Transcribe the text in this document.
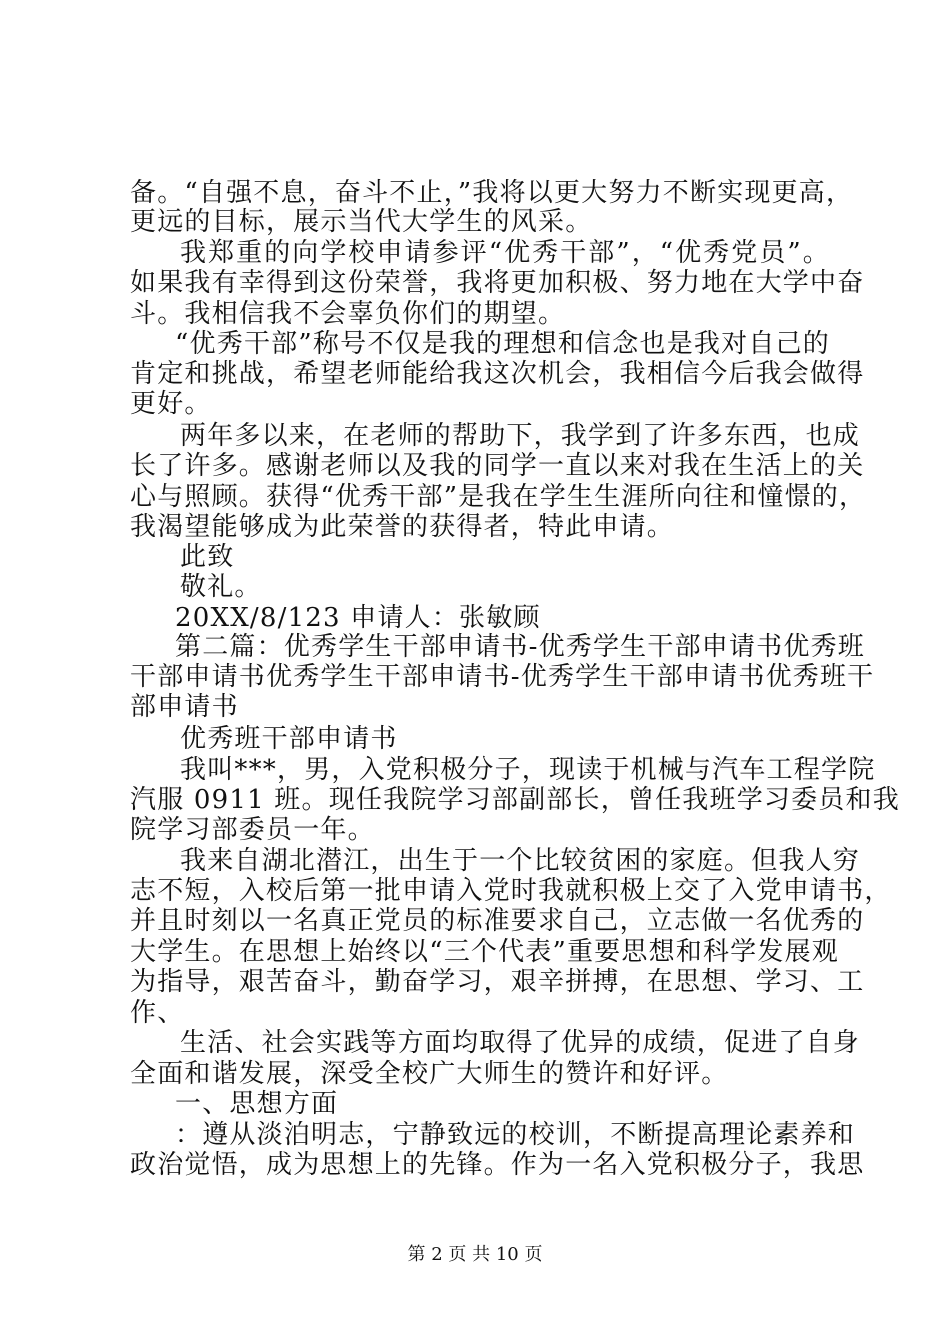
备。“自强不息，奋斗不止，”我将以更大努力不断实现更高，
更远的目标，展示当代大学生的风采。
我郑重的向学校申请参评“优秀干部”，“优秀党员”。
如果我有幸得到这份荣誉，我将更加积极、努力地在大学中奋
斗。我相信我不会辜负你们的期望。
“优秀干部”称号不仅是我的理想和信念也是我对自己的
肯定和挑战，希望老师能给我这次机会，我相信今后我会做得
更好。
两年多以来，在老师的帮助下，我学到了许多东西，也成
长了许多。感谢老师以及我的同学一直以来对我在生活上的关
心与照顾。获得“优秀干部”是我在学生生涯所向往和憧憬的，
我渴望能够成为此荣誉的获得者，特此申请。
此致
敬礼。
20XX/8/123 申请人：张敏顾
第二篇：优秀学生干部申请书-优秀学生干部申请书优秀班
干部申请书优秀学生干部申请书-优秀学生干部申请书优秀班干
部申请书
优秀班干部申请书
我叫***，男，入党积极分子，现读于机械与汽车工程学院
汽服 0911 班。现任我院学习部副部长，曾任我班学习委员和我
院学习部委员一年。
我来自湖北潜江，出生于一个比较贫困的家庭。但我人穷
志不短，入校后第一批申请入党时我就积极上交了入党申请书，
并且时刻以一名真正党员的标准要求自己，立志做一名优秀的
大学生。在思想上始终以“三个代表”重要思想和科学发展观
为指导，艰苦奋斗，勤奋学习，艰辛拼搏，在思想、学习、工
作、
生活、社会实践等方面均取得了优异的成绩，促进了自身
全面和谐发展，深受全校广大师生的赞许和好评。
一、思想方面
：遵从淡泊明志，宁静致远的校训，不断提高理论素养和
政治觉悟，成为思想上的先锋。作为一名入党积极分子，我思
第 2 页 共 10 页
